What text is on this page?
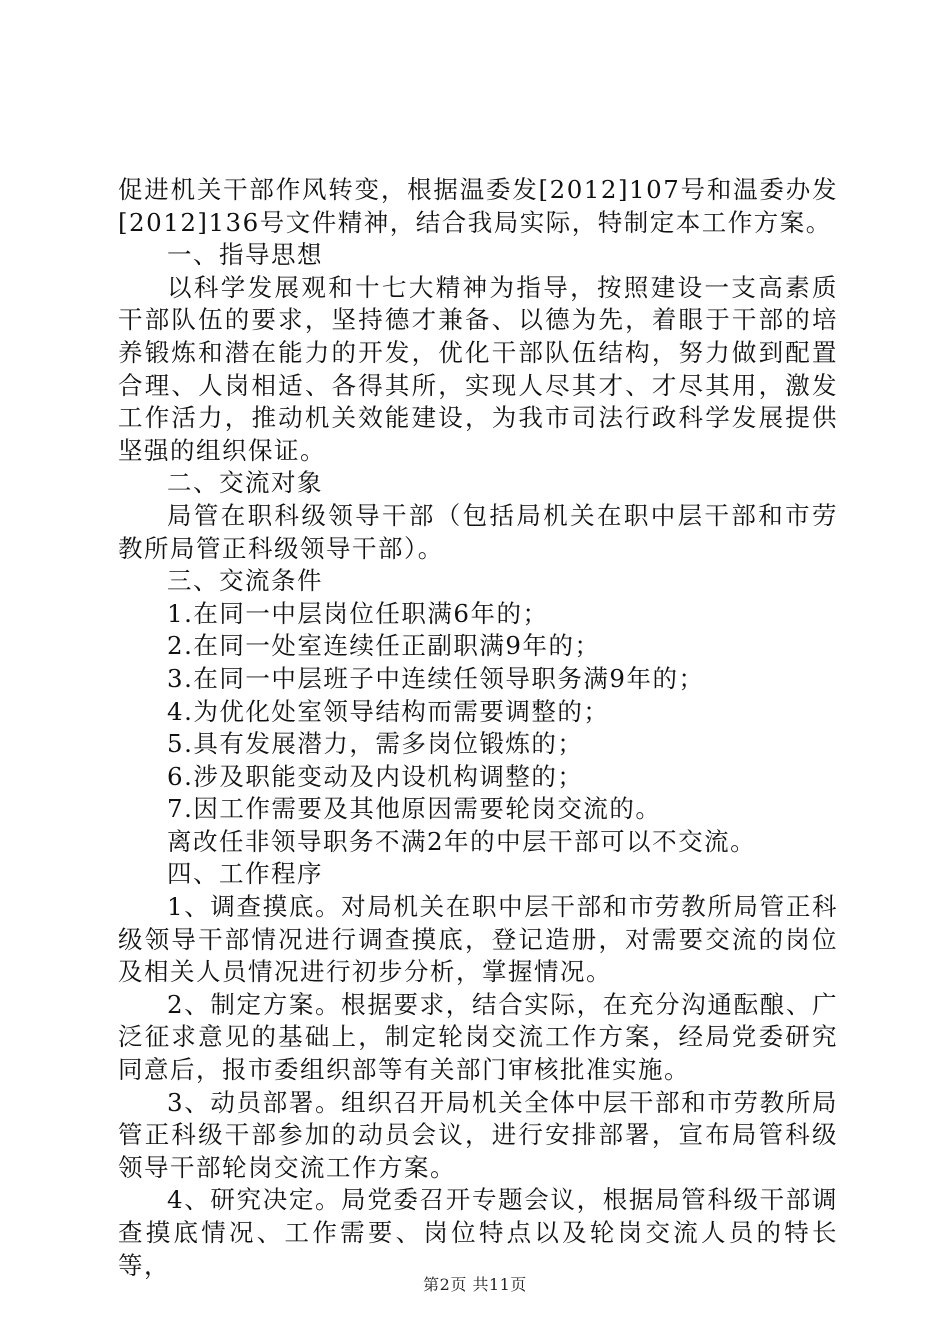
促进机关干部作风转变，根据温委发[2012]107号和温委办发[2012]136号文件精神，结合我局实际，特制定本工作方案。

一、指导思想

以科学发展观和十七大精神为指导，按照建设一支高素质干部队伍的要求，坚持德才兼备、以德为先，着眼于干部的培养锻炼和潜在能力的开发，优化干部队伍结构，努力做到配置合理、人岗相适、各得其所，实现人尽其才、才尽其用，激发工作活力，推动机关效能建设，为我市司法行政科学发展提供坚强的组织保证。

二、交流对象

局管在职科级领导干部（包括局机关在职中层干部和市劳教所局管正科级领导干部）。

三、交流条件

1.在同一中层岗位任职满6年的；

2.在同一处室连续任正副职满9年的；

3.在同一中层班子中连续任领导职务满9年的；

4.为优化处室领导结构而需要调整的；

5.具有发展潜力，需多岗位锻炼的；

6.涉及职能变动及内设机构调整的；

7.因工作需要及其他原因需要轮岗交流的。

离改任非领导职务不满2年的中层干部可以不交流。

四、工作程序

1、调查摸底。对局机关在职中层干部和市劳教所局管正科级领导干部情况进行调查摸底，登记造册，对需要交流的岗位及相关人员情况进行初步分析，掌握情况。

2、制定方案。根据要求，结合实际，在充分沟通酝酿、广泛征求意见的基础上，制定轮岗交流工作方案，经局党委研究同意后，报市委组织部等有关部门审核批准实施。

3、动员部署。组织召开局机关全体中层干部和市劳教所局管正科级干部参加的动员会议，进行安排部署，宣布局管科级领导干部轮岗交流工作方案。

4、研究决定。局党委召开专题会议，根据局管科级干部调查摸底情况、工作需要、岗位特点以及轮岗交流人员的特长等，

第2页 共11页
